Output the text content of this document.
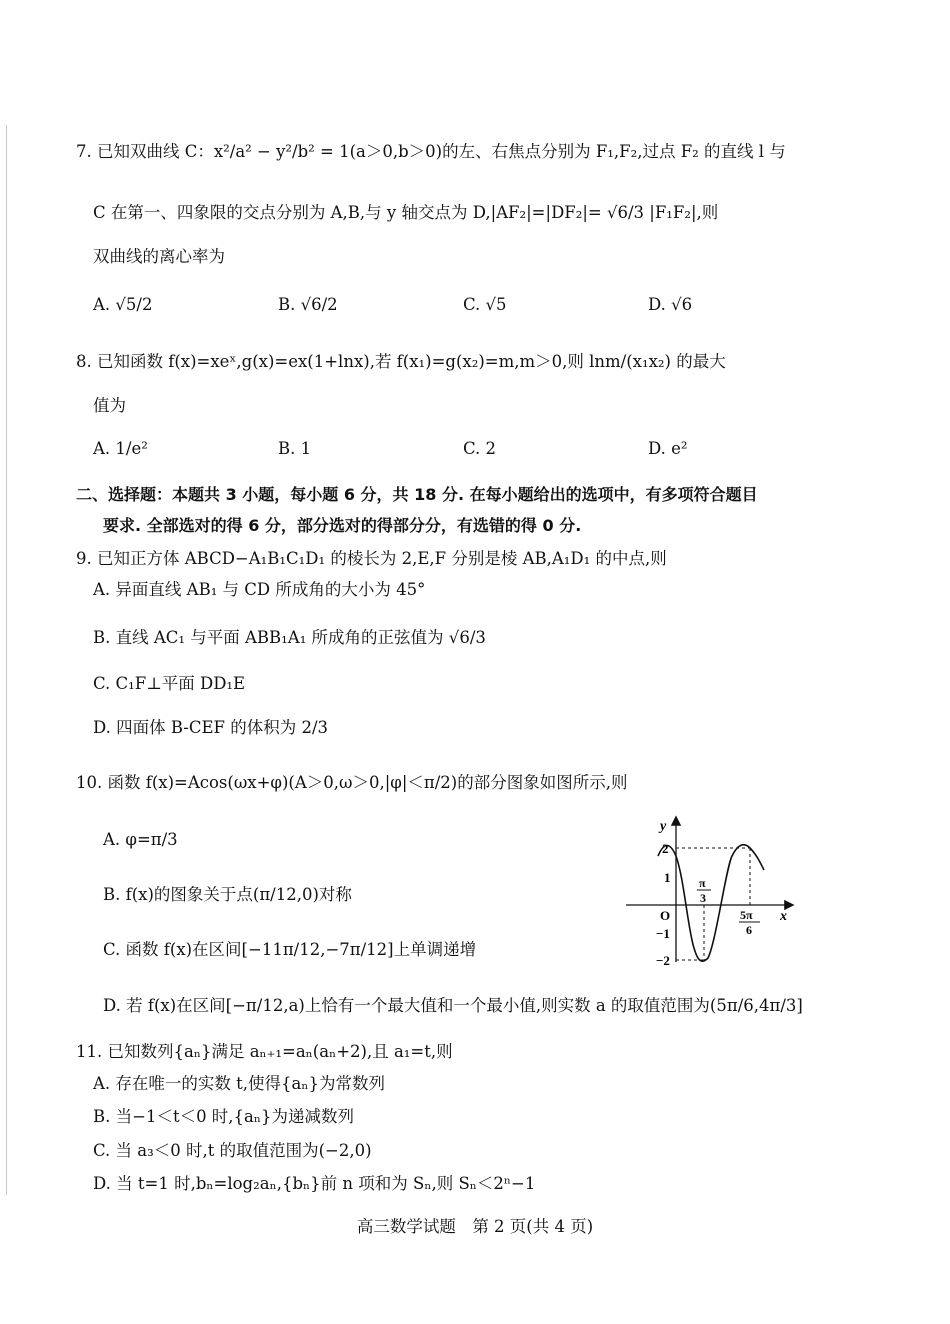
7. 已知双曲线 C：x²/a² − y²/b² = 1(a＞0,b＞0)的左、右焦点分别为 F₁,F₂,过点 F₂ 的直线 l 与
C 在第一、四象限的交点分别为 A,B,与 y 轴交点为 D,|AF₂|=|DF₂|= √6/3 |F₁F₂|,则
双曲线的离心率为
A. √5/2	B. √6/2	C. √5	D. √6
8. 已知函数 f(x)=xeˣ,g(x)=ex(1+lnx),若 f(x₁)=g(x₂)=m,m＞0,则 lnm/(x₁x₂) 的最大
值为
A. 1/e²	B. 1	C. 2	D. e²
二、选择题：本题共 3 小题，每小题 6 分，共 18 分. 在每小题给出的选项中，有多项符合题目
要求. 全部选对的得 6 分，部分选对的得部分分，有选错的得 0 分.
9. 已知正方体 ABCD−A₁B₁C₁D₁ 的棱长为 2,E,F 分别是棱 AB,A₁D₁ 的中点,则
A. 异面直线 AB₁ 与 CD 所成角的大小为 45°
B. 直线 AC₁ 与平面 ABB₁A₁ 所成角的正弦值为 √6/3
C. C₁F⊥平面 DD₁E
D. 四面体 B-CEF 的体积为 2/3
10. 函数 f(x)=Acos(ωx+φ)(A＞0,ω＞0,|φ|＜π/2)的部分图象如图所示,则
A. φ=π/3
B. f(x)的图象关于点(π/12,0)对称
C. 函数 f(x)在区间[−11π/12,−7π/12]上单调递增
D. 若 f(x)在区间[−π/12,a)上恰有一个最大值和一个最小值,则实数 a 的取值范围为(5π/6,4π/3]
y
x
O
2
1
−1
−2
π
3
5π
6
11. 已知数列{aₙ}满足 aₙ₊₁=aₙ(aₙ+2),且 a₁=t,则
A. 存在唯一的实数 t,使得{aₙ}为常数列
B. 当−1＜t＜0 时,{aₙ}为递减数列
C. 当 a₃＜0 时,t 的取值范围为(−2,0)
D. 当 t=1 时,bₙ=log₂aₙ,{bₙ}前 n 项和为 Sₙ,则 Sₙ＜2ⁿ−1
高三数学试题　第 2 页(共 4 页)
